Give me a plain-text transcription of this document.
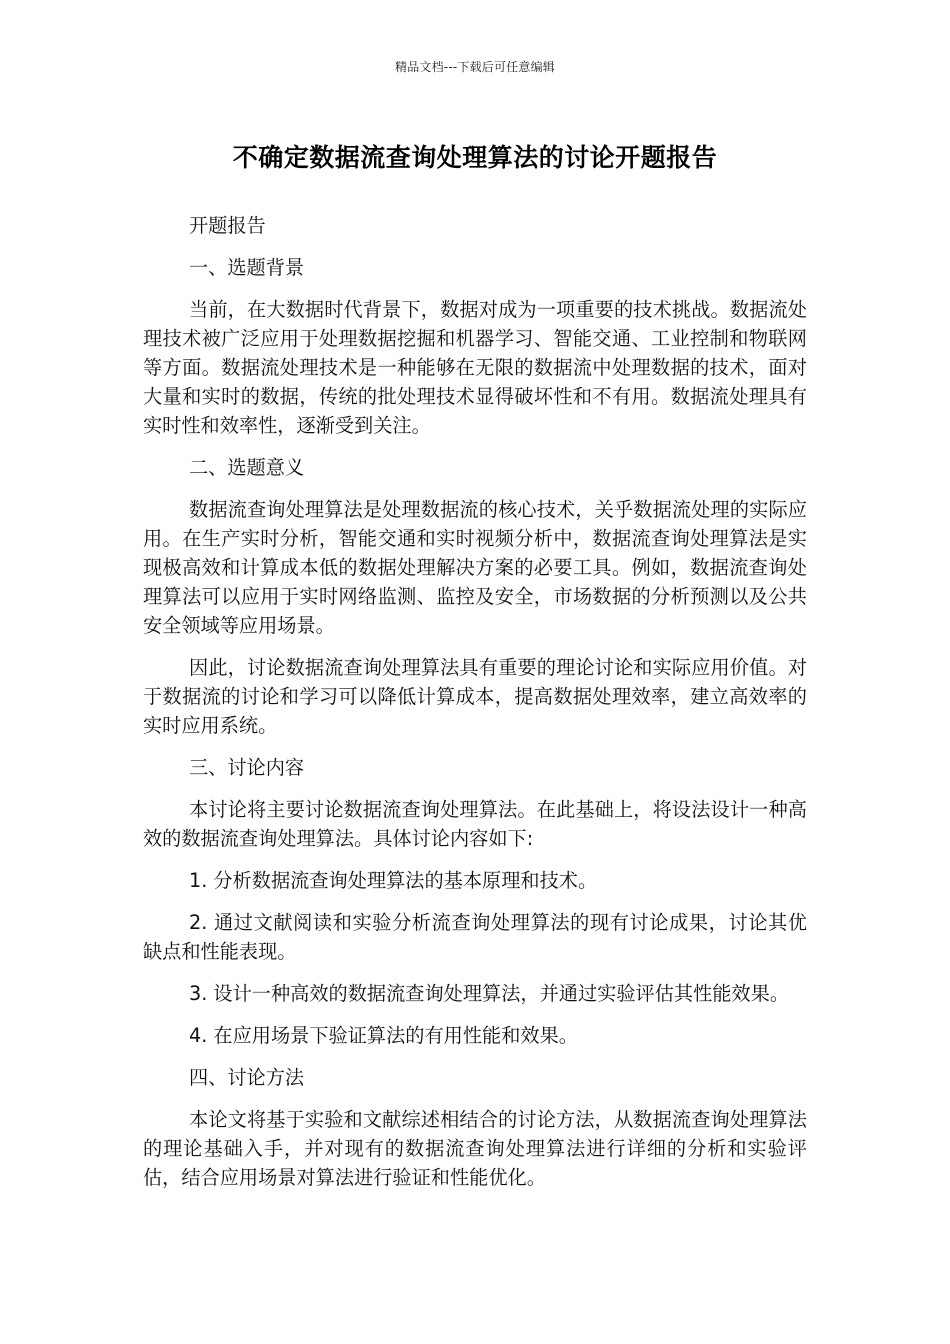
精品文档---下载后可任意编辑
不确定数据流查询处理算法的讨论开题报告

开题报告

一、选题背景

当前，在大数据时代背景下，数据对成为一项重要的技术挑战。数据流处理技术被广泛应用于处理数据挖掘和机器学习、智能交通、工业控制和物联网等方面。数据流处理技术是一种能够在无限的数据流中处理数据的技术，面对大量和实时的数据，传统的批处理技术显得破坏性和不有用。数据流处理具有实时性和效率性，逐渐受到关注。

二、选题意义

数据流查询处理算法是处理数据流的核心技术，关乎数据流处理的实际应用。在生产实时分析，智能交通和实时视频分析中，数据流查询处理算法是实现极高效和计算成本低的数据处理解决方案的必要工具。例如，数据流查询处理算法可以应用于实时网络监测、监控及安全，市场数据的分析预测以及公共安全领域等应用场景。

因此，讨论数据流查询处理算法具有重要的理论讨论和实际应用价值。对于数据流的讨论和学习可以降低计算成本，提高数据处理效率，建立高效率的实时应用系统。

三、讨论内容

本讨论将主要讨论数据流查询处理算法。在此基础上，将设法设计一种高效的数据流查询处理算法。具体讨论内容如下:

1. 分析数据流查询处理算法的基本原理和技术。

2. 通过文献阅读和实验分析流查询处理算法的现有讨论成果，讨论其优缺点和性能表现。

3. 设计一种高效的数据流查询处理算法，并通过实验评估其性能效果。

4. 在应用场景下验证算法的有用性能和效果。

四、讨论方法

本论文将基于实验和文献综述相结合的讨论方法，从数据流查询处理算法的理论基础入手，并对现有的数据流查询处理算法进行详细的分析和实验评估，结合应用场景对算法进行验证和性能优化。
